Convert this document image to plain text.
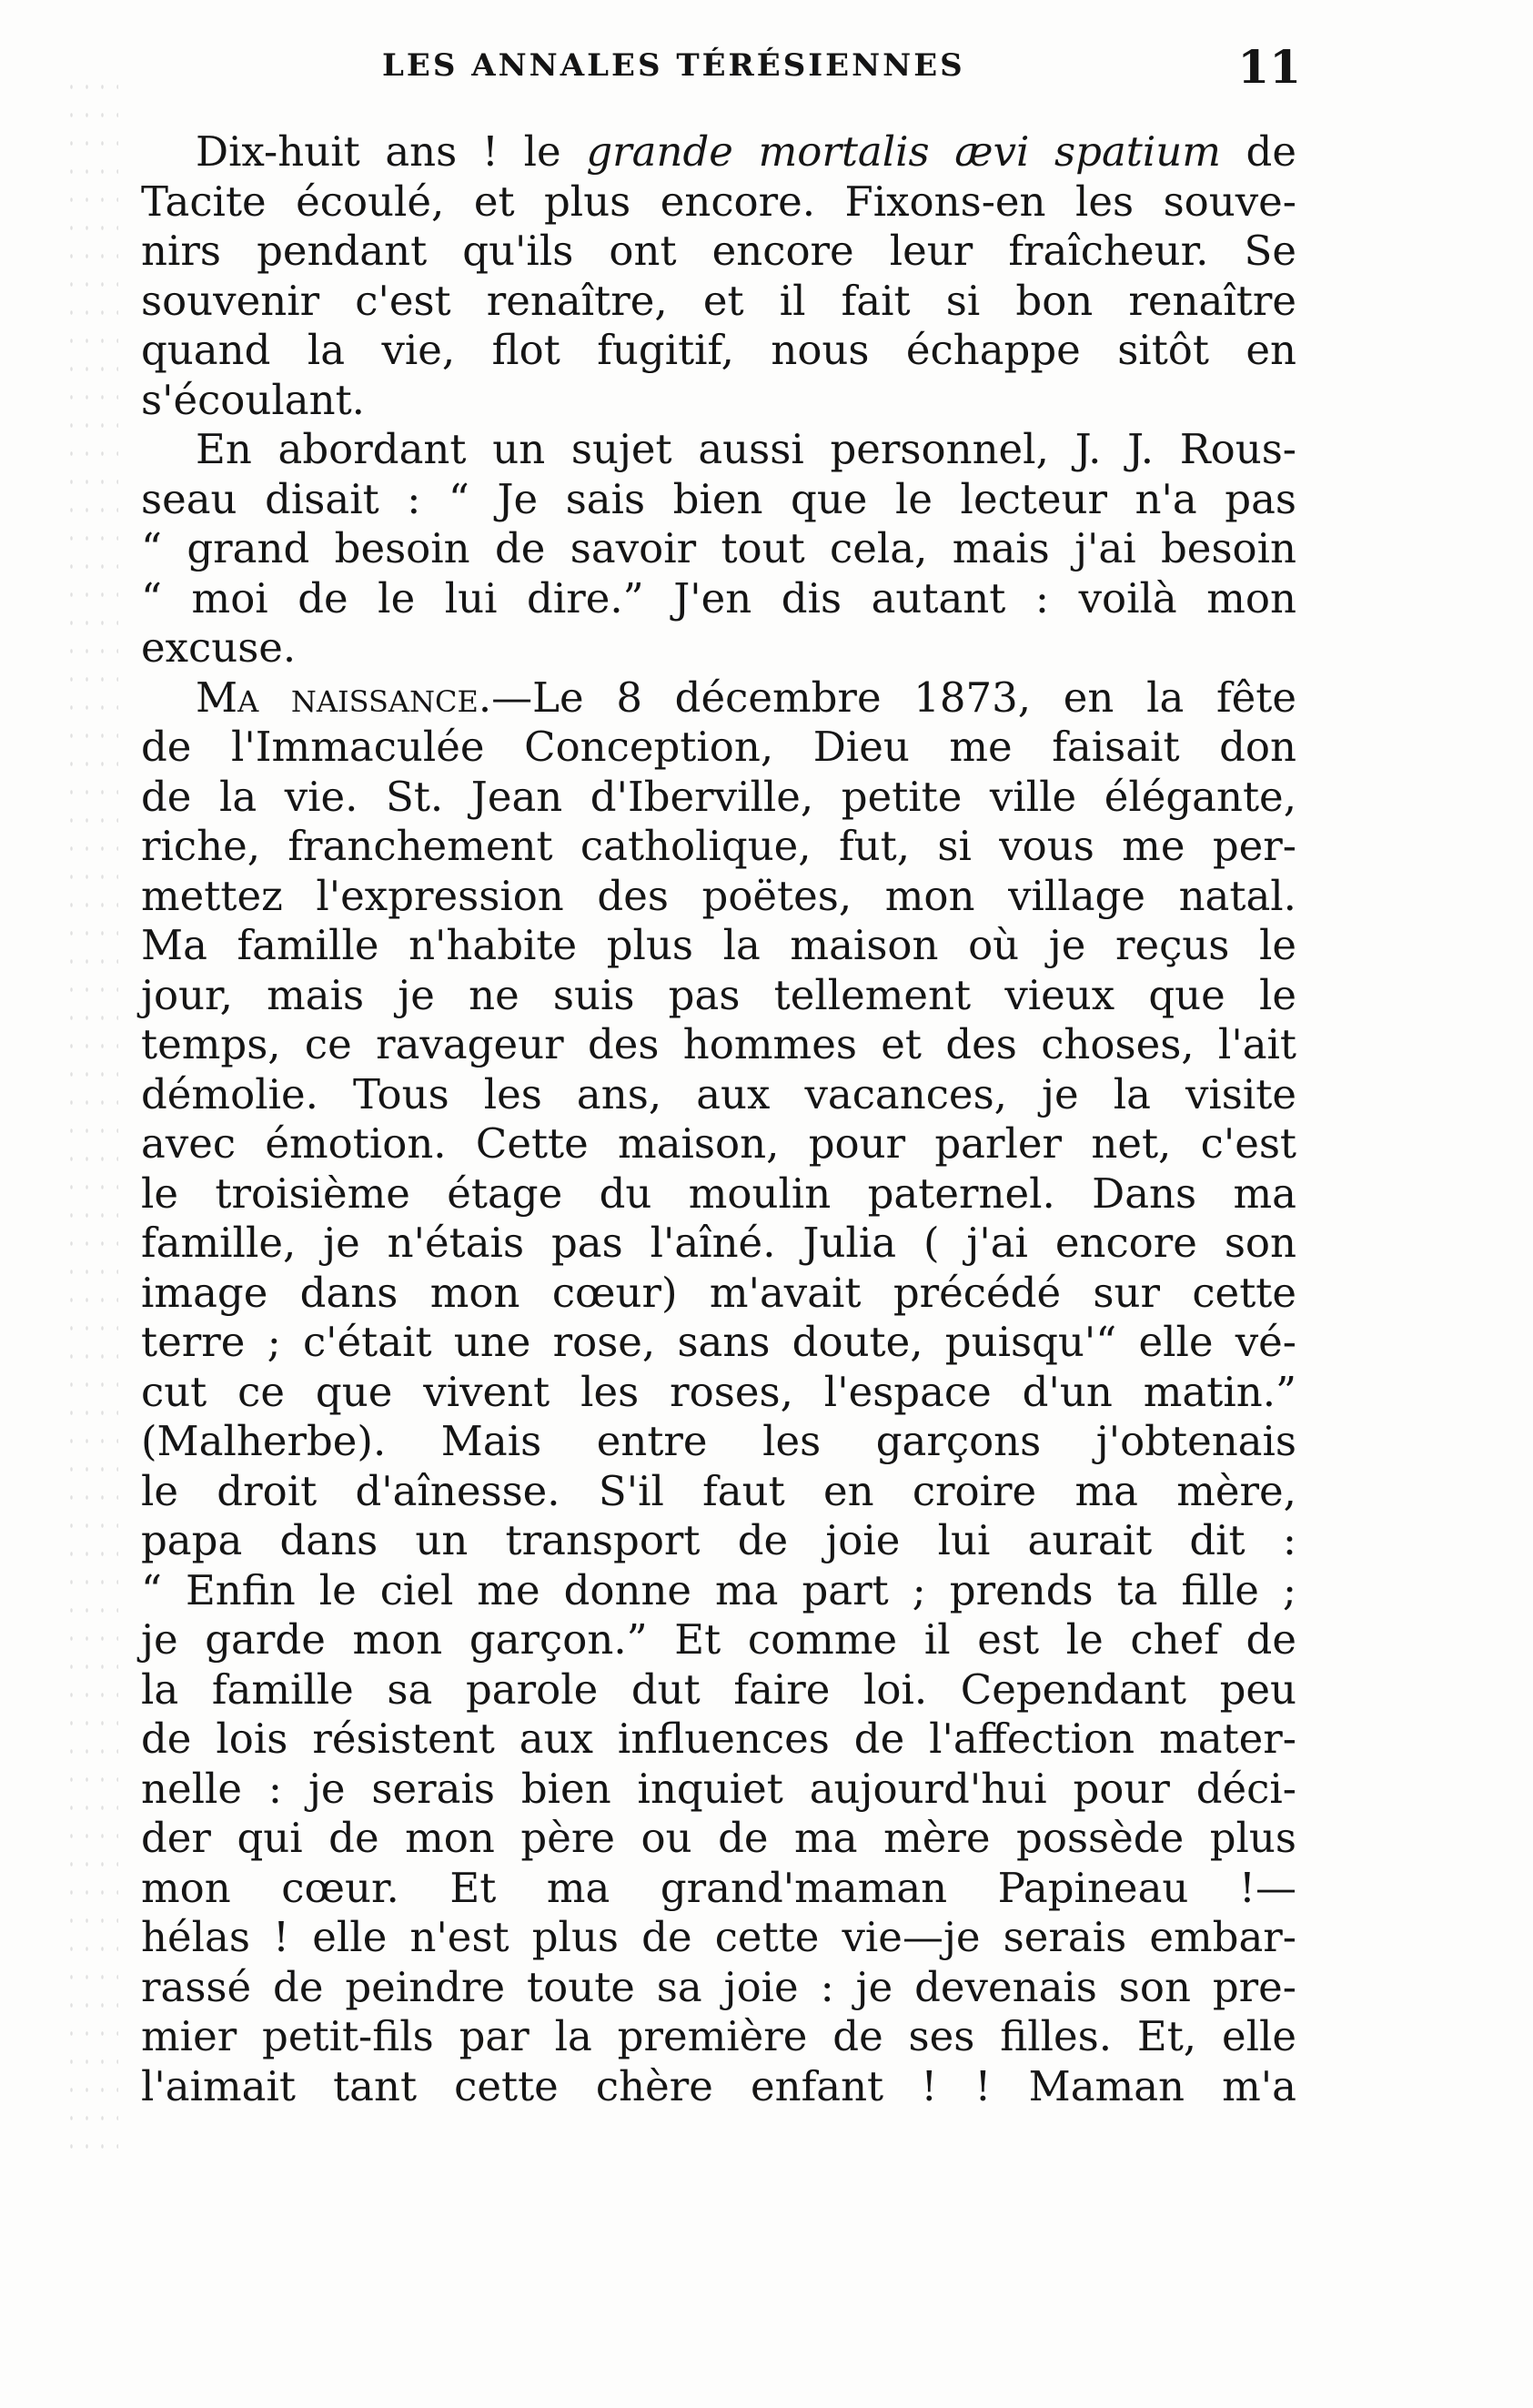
LES ANNALES TÉRÉSIENNES	11
Dix-huit ans ! le grande mortalis ævi spatium de
Tacite écoulé, et plus encore. Fixons-en les souve-
nirs pendant qu'ils ont encore leur fraîcheur. Se
souvenir c'est renaître, et il fait si bon renaître
quand la vie, flot fugitif, nous échappe sitôt en
s'écoulant.
En abordant un sujet aussi personnel, J. J. Rous-
seau disait : “ Je sais bien que le lecteur n'a pas
“ grand besoin de savoir tout cela, mais j'ai besoin
“ moi de le lui dire.” J'en dis autant : voilà mon
excuse.
Ma naissance.—Le 8 décembre 1873, en la fête
de l'Immaculée Conception, Dieu me faisait don
de la vie. St. Jean d'Iberville, petite ville élégante,
riche, franchement catholique, fut, si vous me per-
mettez l'expression des poëtes, mon village natal.
Ma famille n'habite plus la maison où je reçus le
jour, mais je ne suis pas tellement vieux que le
temps, ce ravageur des hommes et des choses, l'ait
démolie. Tous les ans, aux vacances, je la visite
avec émotion. Cette maison, pour parler net, c'est
le troisième étage du moulin paternel. Dans ma
famille, je n'étais pas l'aîné. Julia ( j'ai encore son
image dans mon cœur) m'avait précédé sur cette
terre ; c'était une rose, sans doute, puisqu'“ elle vé-
cut ce que vivent les roses, l'espace d'un matin.”
(Malherbe). Mais entre les garçons j'obtenais
le droit d'aînesse. S'il faut en croire ma mère,
papa dans un transport de joie lui aurait dit :
“ Enfin le ciel me donne ma part ; prends ta fille ;
je garde mon garçon.” Et comme il est le chef de
la famille sa parole dut faire loi. Cependant peu
de lois résistent aux influences de l'affection mater-
nelle : je serais bien inquiet aujourd'hui pour déci-
der qui de mon père ou de ma mère possède plus
mon cœur. Et ma grand'maman Papineau !—
hélas ! elle n'est plus de cette vie—je serais embar-
rassé de peindre toute sa joie : je devenais son pre-
mier petit-fils par la première de ses filles. Et, elle
l'aimait tant cette chère enfant ! ! Maman m'a
